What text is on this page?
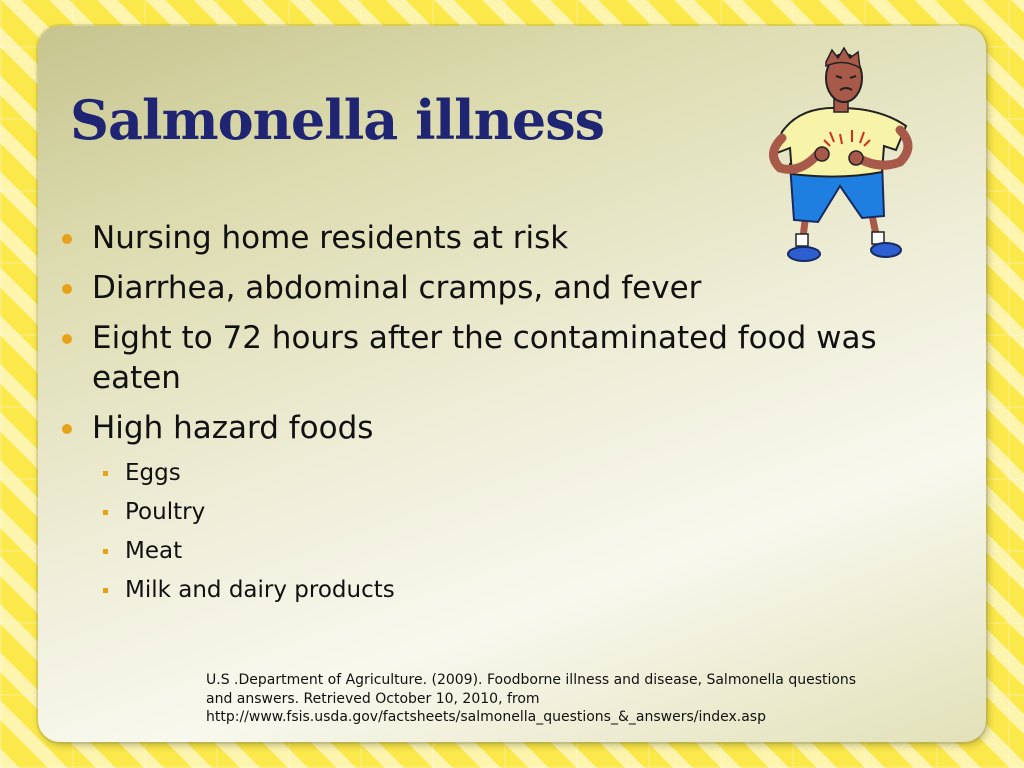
Salmonella illness
Nursing home residents at risk
Diarrhea, abdominal cramps, and fever
Eight to 72 hours after the contaminated food was eaten
High hazard foods
Eggs
Poultry
Meat
Milk and dairy products

U.S .Department of Agriculture. (2009). Foodborne illness and disease, Salmonella questions
and answers. Retrieved October 10, 2010, from
http://www.fsis.usda.gov/factsheets/salmonella_questions_&_answers/index.asp
